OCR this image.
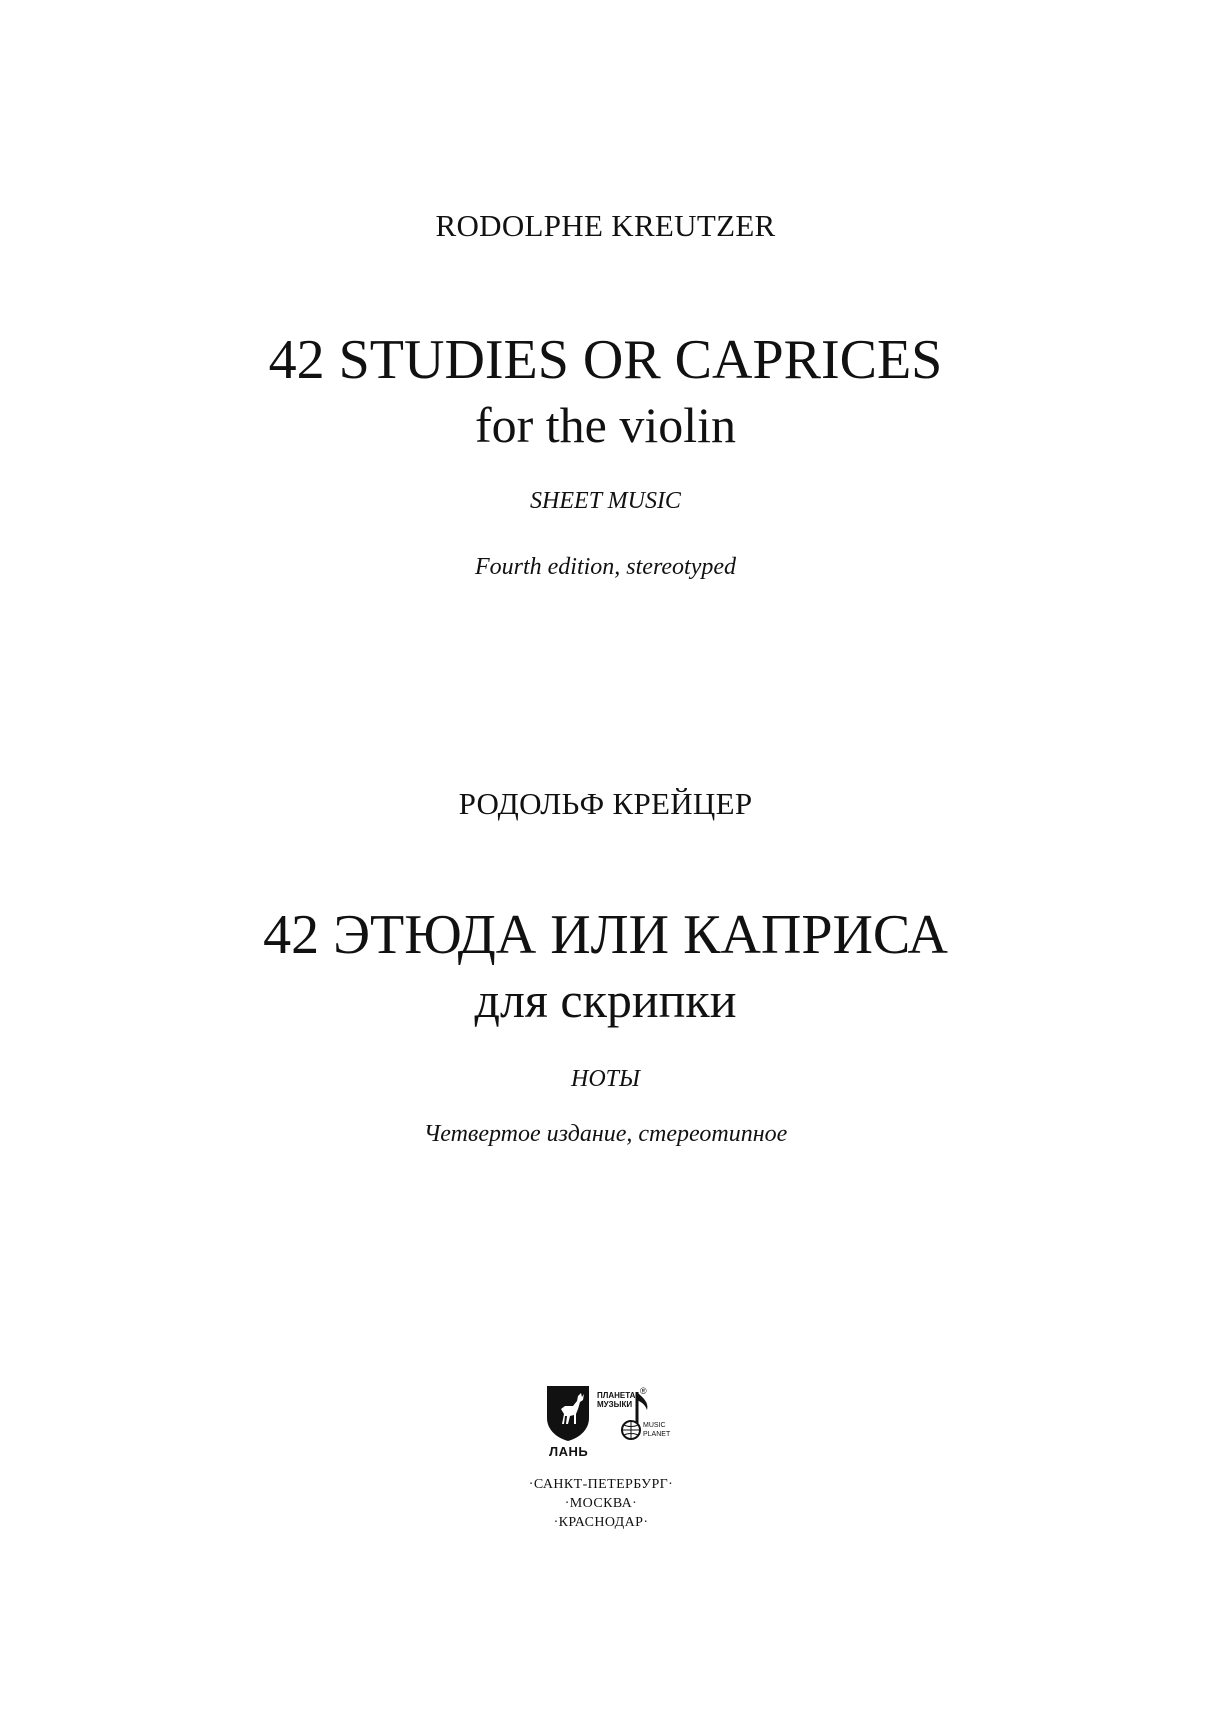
RODOLPHE KREUTZER
42 STUDIES OR CAPRICES
for the violin
SHEET MUSIC
Fourth edition, stereotyped
РОДОЛЬФ КРЕЙЦЕР
42 ЭТЮДА ИЛИ КАПРИСА
для скрипки
НОТЫ
Четвертое издание, стереотипное
ЛАНЬ
ПЛАНЕТА ®
МУЗЫКИ
MUSIC
PLANET
·САНКТ-ПЕТЕРБУРГ·
·МОСКВА·
·КРАСНОДАР·
